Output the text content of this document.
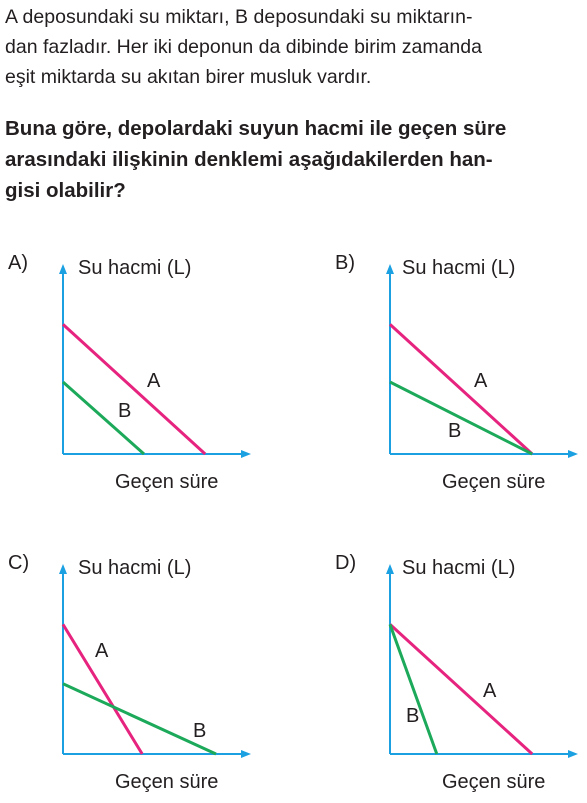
A deposundaki su miktarı, B deposundaki su miktarın-
dan fazladır. Her iki deponun da dibinde birim zamanda
eşit miktarda su akıtan birer musluk vardır.
Buna göre, depolardaki suyun hacmi ile geçen süre
arasındaki ilişkinin denklemi aşağıdakilerden han-
gisi olabilir?
A)	Su hacmi (L)
Geçen süre
A
B
B) Su hacmi (L)
Geçen süre
A
B
C) Su hacmi (L)
Geçen süre
A
B
D) Su hacmi (L)
Geçen süre
A
B
